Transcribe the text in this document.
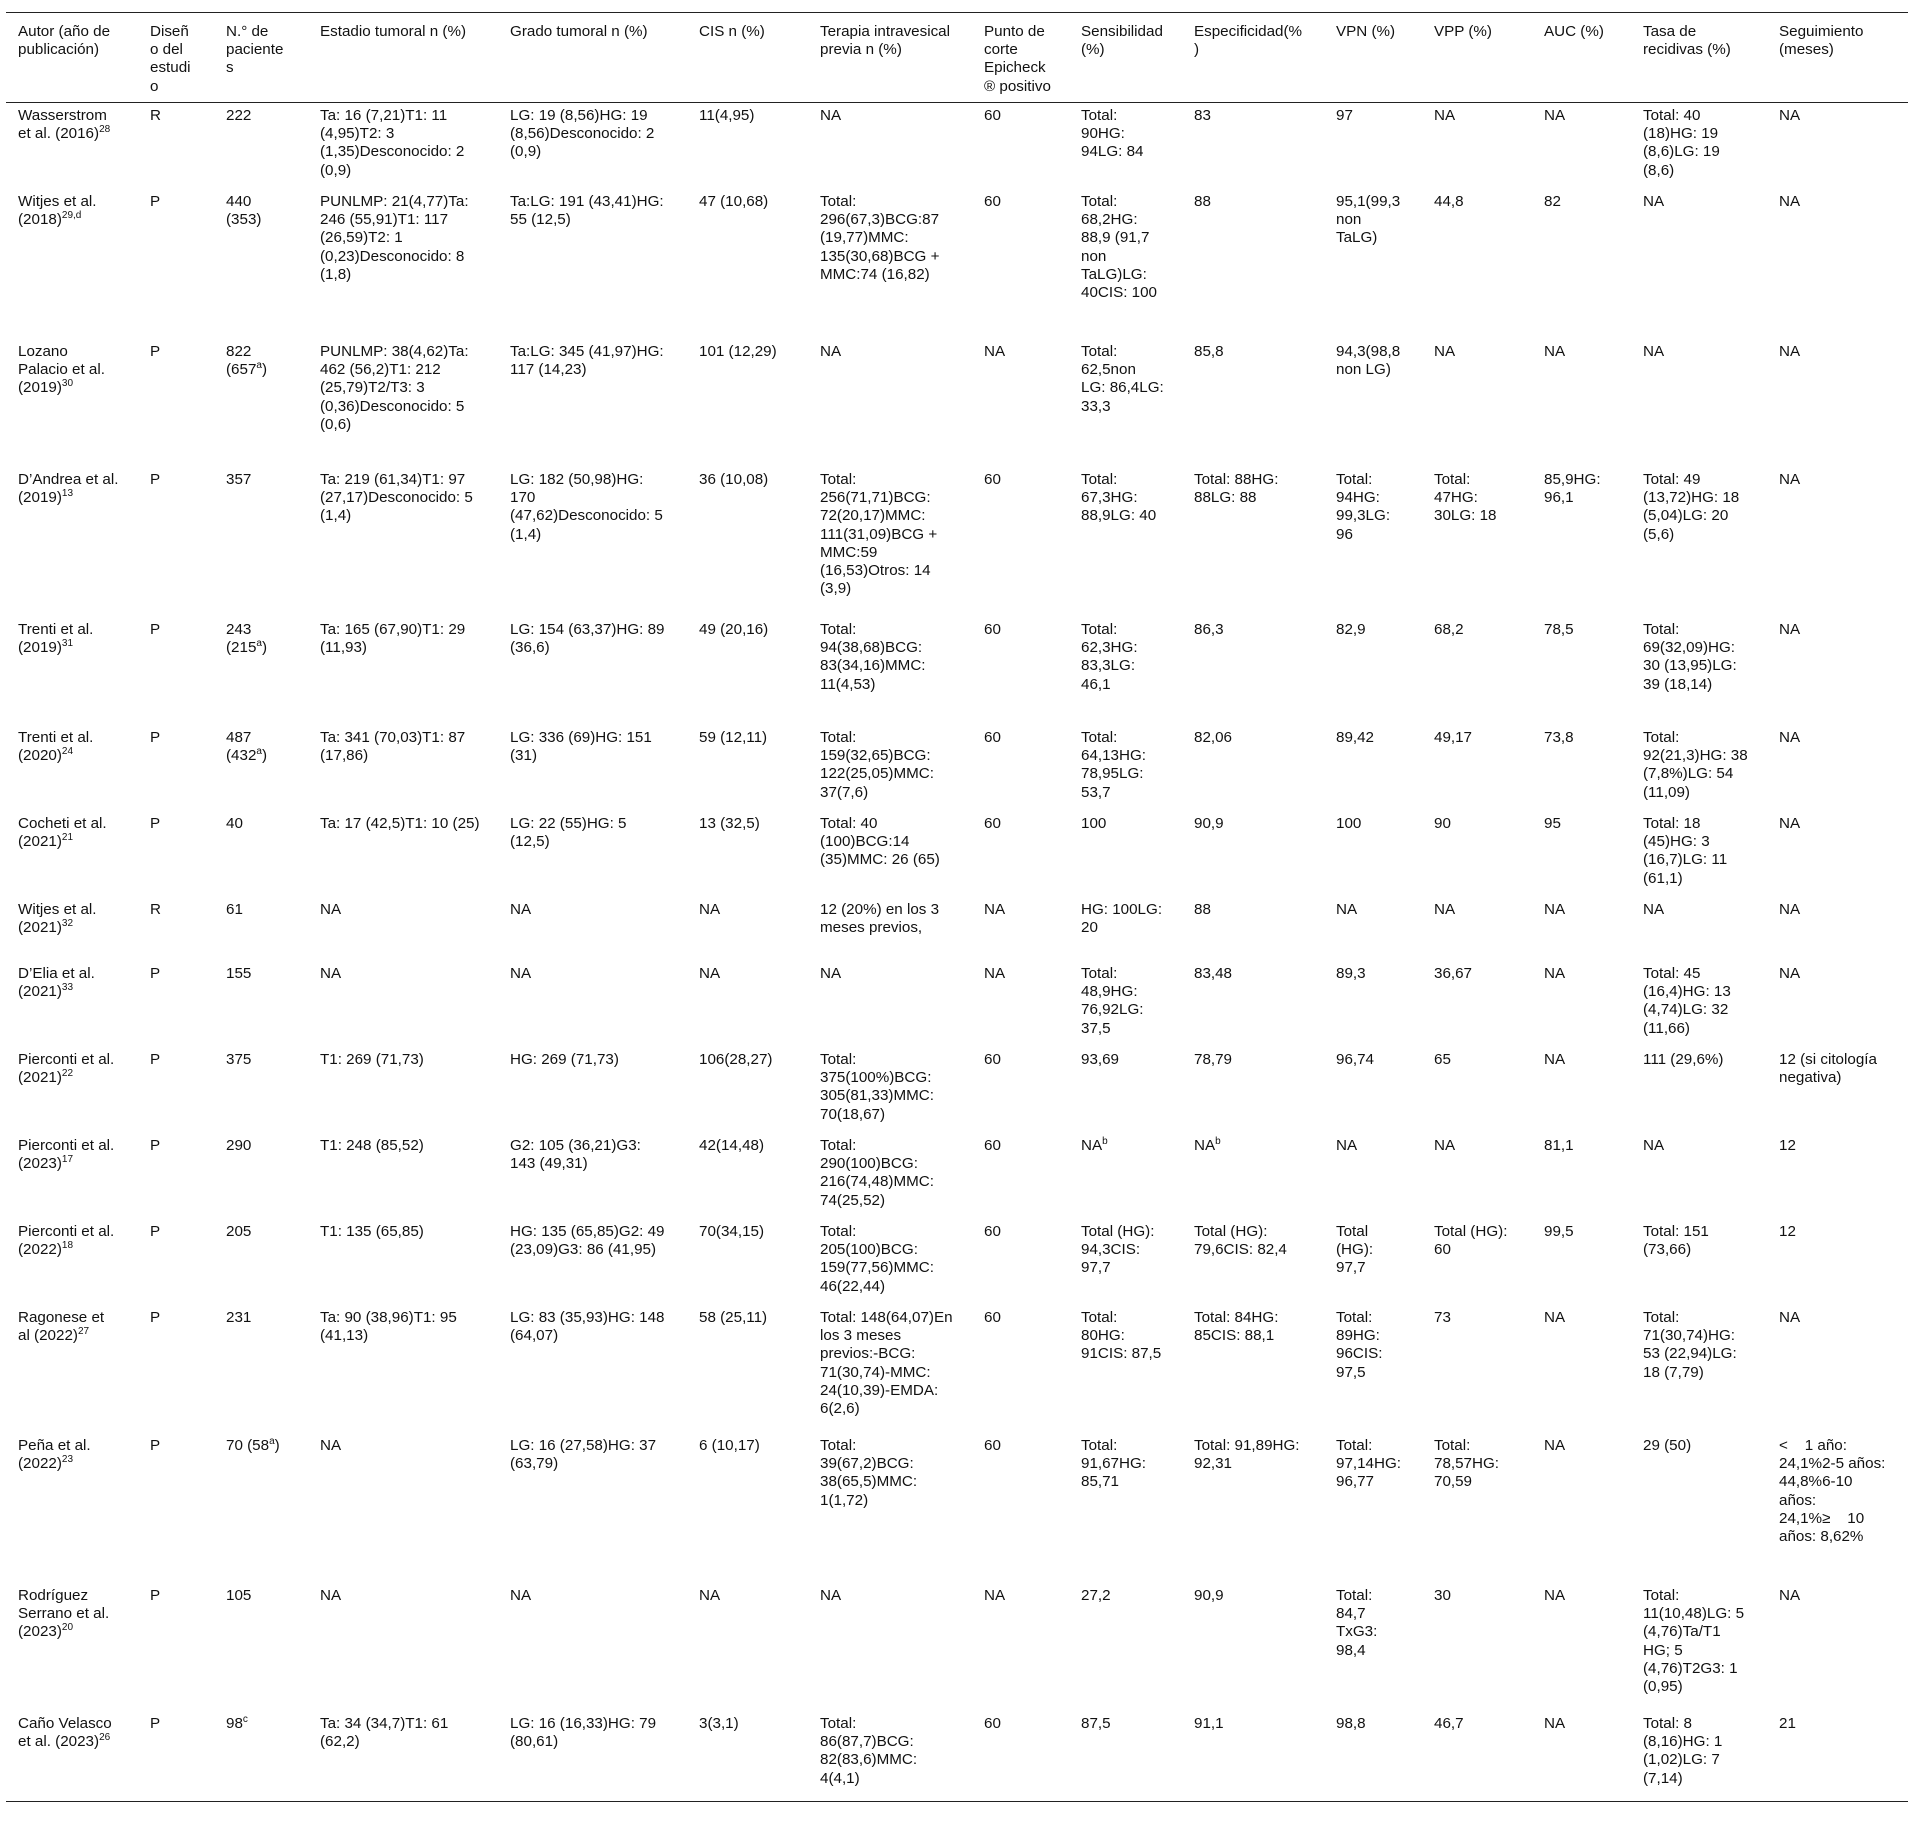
Autor (año de publicación)	Diseño del estudio	N.° de pacientes	Estadio tumoral n (%)	Grado tumoral n (%)	CIS n (%)	Terapia intravesical previa n (%)	Punto de corte Epicheck® positivo	Sensibilidad (%)	Especificidad(%)	VPN (%)	VPP (%)	AUC (%)	Tasa de recidivas (%)	Seguimiento (meses)
Wasserstrom et al. $(2016)^{28}$	R	222	Ta: 16 (7,21)T1: 11 (4,95)T2: 3 (1,35)Desconocido: 2 (0,9)	LG: 19 (8,56)HG: 19 (8,56)Desconocido: 2 (0,9)	11(4,95)	NA	60	Total: 90HG: 94LG: 84	83	97	NA	NA	Total: 40 (18)HG: 19 (8,6)LG: 19 (8,6)	NA
Witjes et al. $(2018)^{29,d}$	P	440 (353)	PUNLMP: 21(4,77)Ta: 246 (55,91)T1: 117 (26,59)T2: 1 (0,23)Desconocido: 8 (1,8)	Ta:LG: 191 (43,41)HG: 55 (12,5)	47 (10,68)	Total: 296(67,3)BCG:87 (19,77)MMC: 135(30,68)BCG + MMC:74 (16,82)	60	Total: 68,2HG: 88,9 (91,7 non TaLG)LG: 40CIS: 100	88	95,1(99,3 non TaLG)	44,8	82	NA	NA
Lozano Palacio et al. $(2019)^{30}$	P	822 (657$^a$)	PUNLMP: 38(4,62)Ta: 462 (56,2)T1: 212 (25,79)T2/T3: 3 (0,36)Desconocido: 5 (0,6)	Ta:LG: 345 (41,97)HG: 117 (14,23)	101 (12,29)	NA	NA	Total: 62,5non LG: 86,4LG: 33,3	85,8	94,3(98,8 non LG)	NA	NA	NA	NA
D’Andrea et $al.(2019)^{13}$	P	357	Ta: 219 (61,34)T1: 97 (27,17)Desconocido: 5 (1,4)	LG: 182 (50,98)HG: 170 (47,62)Desconocido: 5 (1,4)	36 (10,08)	Total: 256(71,71)BCG: 72(20,17)MMC: 111(31,09)BCG + MMC:59 (16,53)Otros: 14 (3,9)	60	Total: 67,3HG: 88,9LG: 40	Total: 88HG: 88LG: 88	Total: 94HG: 99,3LG: 96	Total: 47HG: 30LG: 18	85,9HG: 96,1	Total: 49 (13,72)HG: 18 (5,04)LG: 20 (5,6)	NA
Trenti et al. $(2019)^{31}$	P	243 (215$^a$)	Ta: 165 (67,90)T1: 29 (11,93)	LG: 154 (63,37)HG: 89 (36,6)	49 (20,16)	Total: 94(38,68)BCG: 83(34,16)MMC: 11(4,53)	60	Total: 62,3HG: 83,3LG: 46,1	86,3	82,9	68,2	78,5	Total: 69(32,09)HG: 30 (13,95)LG: 39 (18,14)	NA
Trenti et al. $(2020)^{24}$	P	487 (432$^a$)	Ta: 341 (70,03)T1: 87 (17,86)	LG: 336 (69)HG: 151 (31)	59 (12,11)	Total: 159(32,65)BCG: 122(25,05)MMC: 37(7,6)	60	Total: 64,13HG: 78,95LG: 53,7	82,06	89,42	49,17	73,8	Total: 92(21,3)HG: 38 (7,8%)LG: 54 (11,09)	NA
Cocheti et al. $(2021)^{21}$	P	40	Ta: 17 (42,5)T1: 10 (25)	LG: 22 (55)HG: 5 (12,5)	13 (32,5)	Total: 40 (100)BCG:14 (35)MMC: 26 (65)	60	100	90,9	100	90	95	Total: 18 (45)HG: 3 (16,7)LG: 11 (61,1)	NA
Witjes et al. $(2021)^{32}$	R	61	NA	NA	NA	12 (20%) en los 3 meses previos,	NA	HG: 100LG: 20	88	NA	NA	NA	NA	NA
D’Elia et al. $(2021)^{33}$	P	155	NA	NA	NA	NA	NA	Total: 48,9HG: 76,92LG: 37,5	83,48	89,3	36,67	NA	Total: 45 (16,4)HG: 13 (4,74)LG: 32 (11,66)	NA
Pierconti et al. $(2021)^{22}$	P	375	T1: 269 (71,73)	HG: 269 (71,73)	106(28,27)	Total: 375(100%)BCG: 305(81,33)MMC: 70(18,67)	60	93,69	78,79	96,74	65	NA	111 (29,6%)	12 (si citología negativa)
Pierconti et al. $(2023)^{17}$	P	290	T1: 248 (85,52)	G2: 105 (36,21)G3: 143 (49,31)	42(14,48)	Total: 290(100)BCG: 216(74,48)MMC: 74(25,52)	60	$NA^b$	$NA^b$	NA	NA	81,1	NA	12
Pierconti et al. $(2022)^{18}$	P	205	T1: 135 (65,85)	HG: 135 (65,85)G2: 49 (23,09)G3: 86 (41,95)	70(34,15)	Total: 205(100)BCG: 159(77,56)MMC: 46(22,44)	60	Total (HG): 94,3CIS: 97,7	Total (HG): 79,6CIS: 82,4	Total (HG): 97,7	Total (HG): 60	99,5	Total: 151 (73,66)	12
Ragonese et al $(2022)^{27}$	P	231	Ta: 90 (38,96)T1: 95 (41,13)	LG: 83 (35,93)HG: 148 (64,07)	58 (25,11)	Total: 148(64,07)En los 3 meses previos:-BCG: 71(30,74)-MMC: 24(10,39)-EMDA: 6(2,6)	60	Total: 80HG: 91CIS: 87,5	Total: 84HG: 85CIS: 88,1	Total: 89HG: 96CIS: 97,5	73	NA	Total: 71(30,74)HG: 53 (22,94)LG: 18 (7,79)	NA
Peña et al. $(2022)^{23}$	P	70 (58$^a$)	NA	LG: 16 (27,58)HG: 37 (63,79)	6 (10,17)	Total: 39(67,2)BCG: 38(65,5)MMC: 1(1,72)	60	Total: 91,67HG: 85,71	Total: 91,89HG: 92,31	Total: 97,14HG: 96,77	Total: 78,57HG: 70,59	NA	29 (50)	<    1 año: 24,1%2-5 años: 44,8%6-10 años: 24,1%≥    10 años: 8,62%
Rodríguez Serrano et al. $(2023)^{20}$	P	105	NA	NA	NA	NA	NA	27,2	90,9	Total: 84,7 TxG3: 98,4	30	NA	Total: 11(10,48)LG: 5 (4,76)Ta/T1 HG; 5 (4,76)T2G3: 1 (0,95)	NA
Caño Velasco et al. $(2023)^{26}$	P	98$^c$	Ta: 34 (34,7)T1: 61 (62,2)	LG: 16 (16,33)HG: 79 (80,61)	3(3,1)	Total: 86(87,7)BCG: 82(83,6)MMC: 4(4,1)	60	87,5	91,1	98,8	46,7	NA	Total: 8 (8,16)HG: 1 (1,02)LG: 7 (7,14)	21
